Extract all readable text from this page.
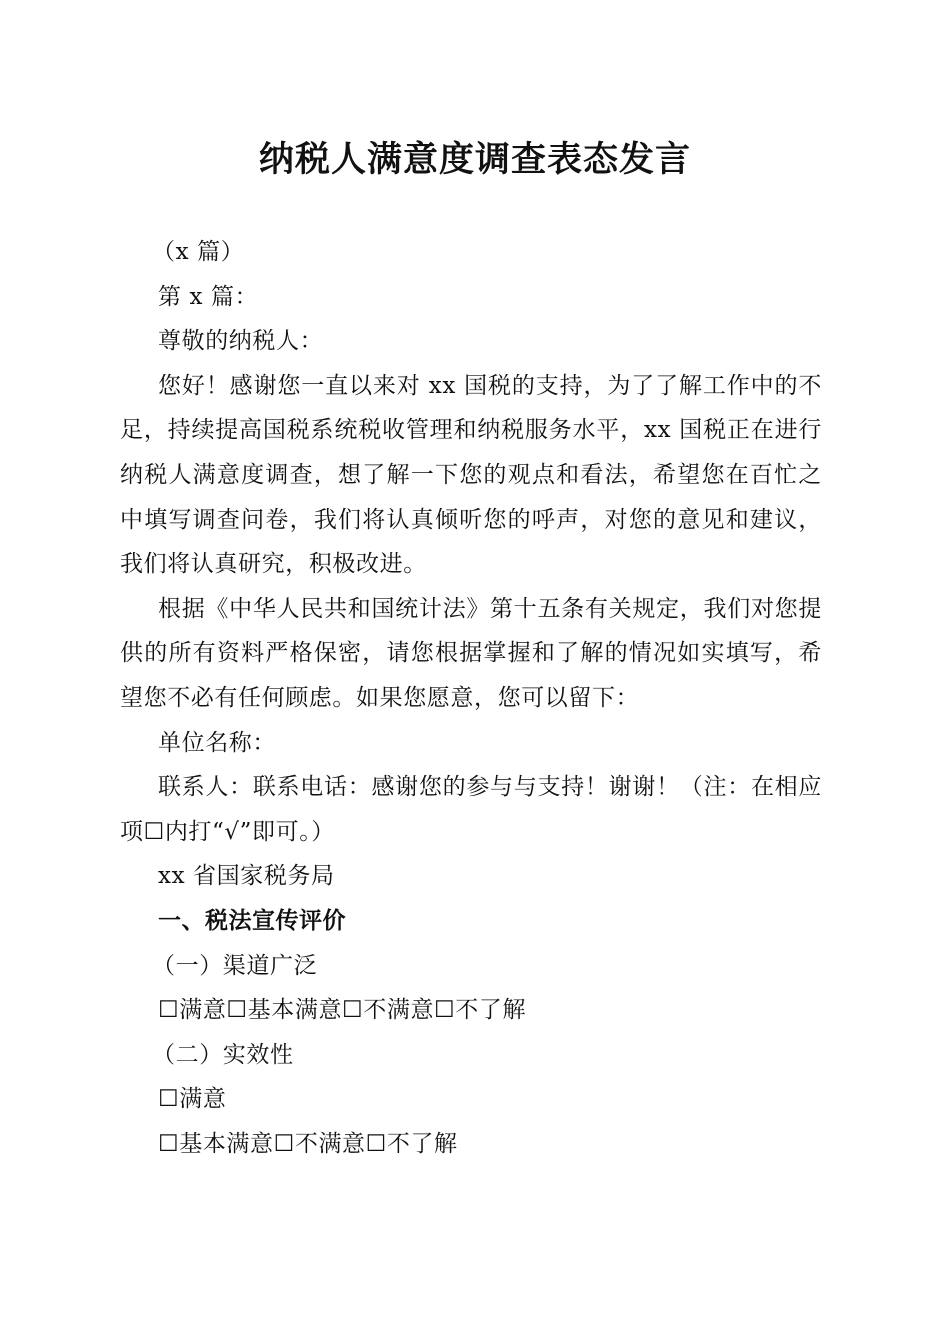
纳税人满意度调查表态发言

（x 篇）

第 x 篇：

尊敬的纳税人：

您好！感谢您一直以来对 xx 国税的支持，为了了解工作中的不足，持续提高国税系统税收管理和纳税服务水平，xx 国税正在进行纳税人满意度调查，想了解一下您的观点和看法，希望您在百忙之中填写调查问卷，我们将认真倾听您的呼声，对您的意见和建议，我们将认真研究，积极改进。

根据《中华人民共和国统计法》第十五条有关规定，我们对您提供的所有资料严格保密，请您根据掌握和了解的情况如实填写，希望您不必有任何顾虑。如果您愿意，您可以留下：

单位名称：

联系人：联系电话：感谢您的参与与支持！谢谢！（注：在相应项☐内打“√”即可。）

xx 省国家税务局

一、税法宣传评价

（一）渠道广泛

☐满意☐基本满意☐不满意☐不了解

（二）实效性

☐满意

☐基本满意☐不满意☐不了解
